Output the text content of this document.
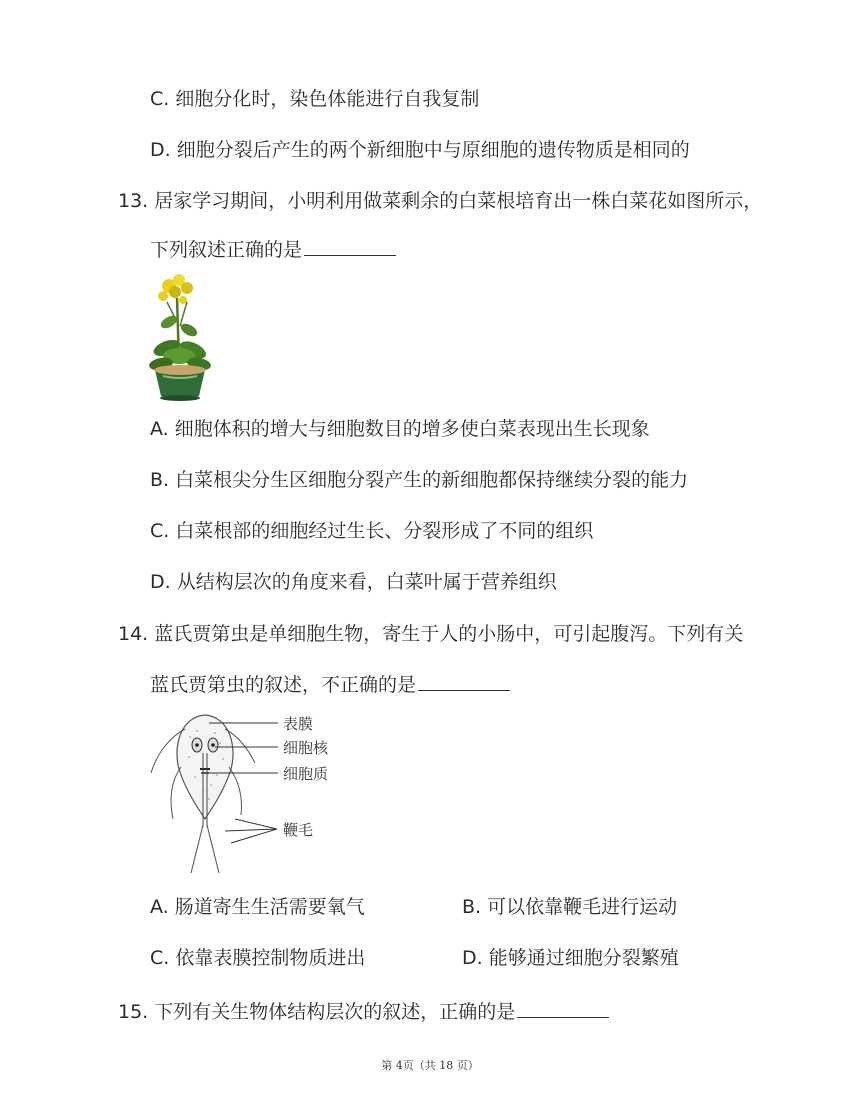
C. 细胞分化时，染色体能进行自我复制
D. 细胞分裂后产生的两个新细胞中与原细胞的遗传物质是相同的
13. 居家学习期间，小明利用做菜剩余的白菜根培育出一株白菜花如图所示，
下列叙述正确的是
A. 细胞体积的增大与细胞数目的增多使白菜表现出生长现象
B. 白菜根尖分生区细胞分裂产生的新细胞都保持继续分裂的能力
C. 白菜根部的细胞经过生长、分裂形成了不同的组织
D. 从结构层次的角度来看，白菜叶属于营养组织
14. 蓝氏贾第虫是单细胞生物，寄生于人的小肠中，可引起腹泻。下列有关
蓝氏贾第虫的叙述，不正确的是
表膜
细胞核
细胞质
鞭毛
A. 肠道寄生生活需要氧气	B. 可以依靠鞭毛进行运动
C. 依靠表膜控制物质进出	D. 能够通过细胞分裂繁殖
15. 下列有关生物体结构层次的叙述，正确的是
第 4页（共 18 页）
